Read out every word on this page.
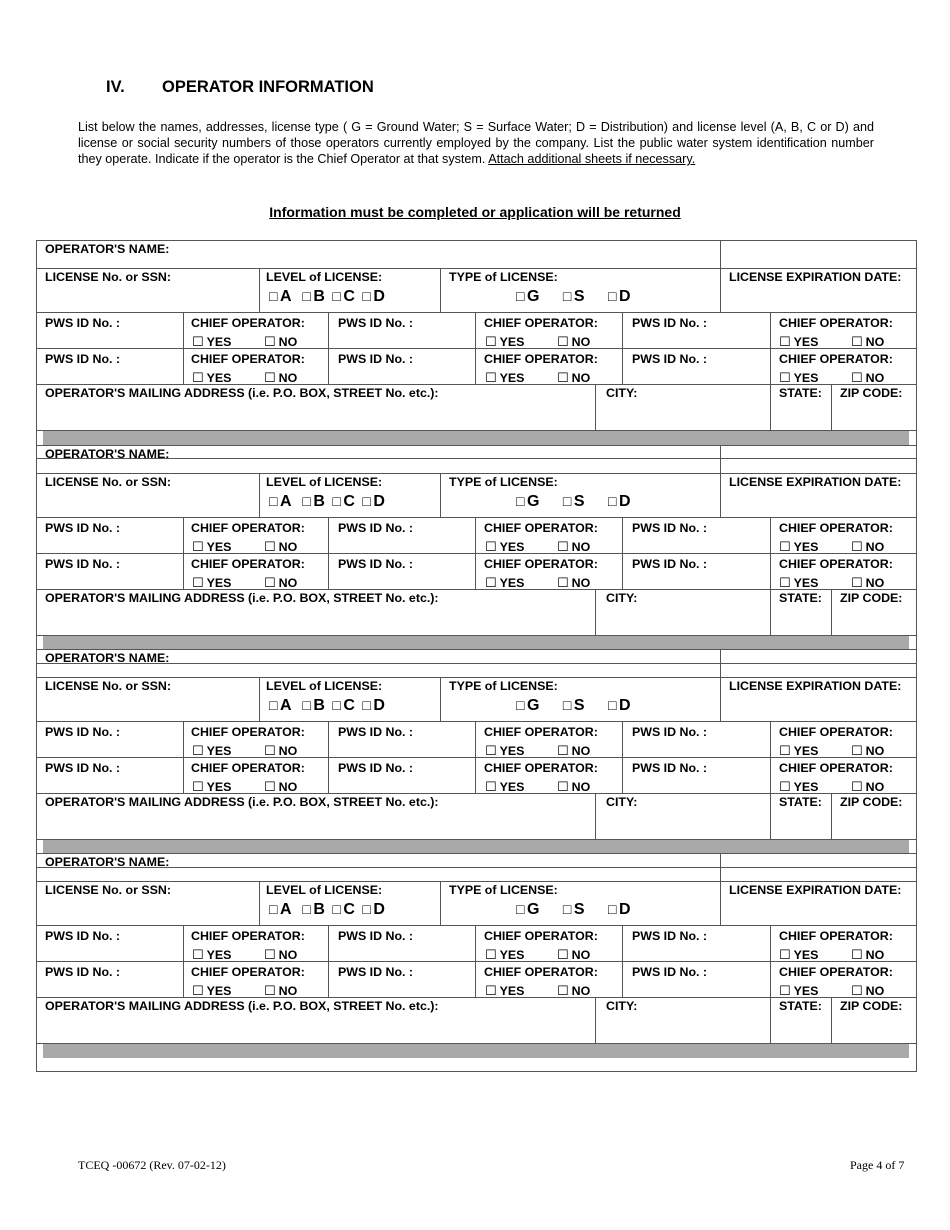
IV. OPERATOR INFORMATION
List below the names, addresses, license type ( G = Ground Water; S = Surface Water; D = Distribution) and license level (A, B, C or D) and license or social security numbers of those operators currently employed by the company. List the public water system identification number they operate. Indicate if the operator is the Chief Operator at that system. Attach additional sheets if necessary.
Information must be completed or application will be returned
OPERATOR'S NAME:
LICENSE No. or SSN:	LEVEL of LICENSE:	TYPE of LICENSE:	LICENSE EXPIRATION DATE:
□ A □ B □ C □ D	□ G □ S □ D
PWS ID No. :	CHIEF OPERATOR:
☐ YES	☐ NO
PWS ID No. :	CHIEF OPERATOR:
☐ YES	☐ NO
PWS ID No. :	CHIEF OPERATOR:
☐ YES	☐ NO
PWS ID No. :	CHIEF OPERATOR:
☐ YES	☐ NO
PWS ID No. :	CHIEF OPERATOR:
☐ YES	☐ NO
PWS ID No. :	CHIEF OPERATOR:
☐ YES	☐ NO
OPERATOR'S MAILING ADDRESS (i.e. P.O. BOX, STREET No. etc.):	CITY:	STATE: ZIP CODE:
OPERATOR'S NAME:
LICENSE No. or SSN:	LEVEL of LICENSE:	TYPE of LICENSE:	LICENSE EXPIRATION DATE:
□ A □ B □ C □ D	□ G □ S □ D
PWS ID No. :	CHIEF OPERATOR:
☐ YES	☐ NO
PWS ID No. :	CHIEF OPERATOR:
☐ YES	☐ NO
PWS ID No. :	CHIEF OPERATOR:
☐ YES	☐ NO
PWS ID No. :	CHIEF OPERATOR:
☐ YES	☐ NO
PWS ID No. :	CHIEF OPERATOR:
☐ YES	☐ NO
PWS ID No. :	CHIEF OPERATOR:
☐ YES	☐ NO
OPERATOR'S MAILING ADDRESS (i.e. P.O. BOX, STREET No. etc.):	CITY:	STATE: ZIP CODE:
OPERATOR'S NAME:
LICENSE No. or SSN:	LEVEL of LICENSE:	TYPE of LICENSE:	LICENSE EXPIRATION DATE:
□ A □ B □ C □ D	□ G □ S □ D
PWS ID No. :	CHIEF OPERATOR:
☐ YES	☐ NO
PWS ID No. :	CHIEF OPERATOR:
☐ YES	☐ NO
PWS ID No. :	CHIEF OPERATOR:
☐ YES	☐ NO
PWS ID No. :	CHIEF OPERATOR:
☐ YES	☐ NO
PWS ID No. :	CHIEF OPERATOR:
☐ YES	☐ NO
PWS ID No. :	CHIEF OPERATOR:
☐ YES	☐ NO
OPERATOR'S MAILING ADDRESS (i.e. P.O. BOX, STREET No. etc.):	CITY:	STATE: ZIP CODE:
OPERATOR'S NAME:
LICENSE No. or SSN:	LEVEL of LICENSE:	TYPE of LICENSE:	LICENSE EXPIRATION DATE:
□ A □ B □ C □ D	□ G □ S □ D
PWS ID No. :	CHIEF OPERATOR:
☐ YES	☐ NO
PWS ID No. :	CHIEF OPERATOR:
☐ YES	☐ NO
PWS ID No. :	CHIEF OPERATOR:
☐ YES	☐ NO
PWS ID No. :	CHIEF OPERATOR:
☐ YES	☐ NO
PWS ID No. :	CHIEF OPERATOR:
☐ YES	☐ NO
PWS ID No. :	CHIEF OPERATOR:
☐ YES	☐ NO
OPERATOR'S MAILING ADDRESS (i.e. P.O. BOX, STREET No. etc.):	CITY:	STATE: ZIP CODE:
TCEQ -00672 (Rev. 07-02-12)	Page 4 of 7
